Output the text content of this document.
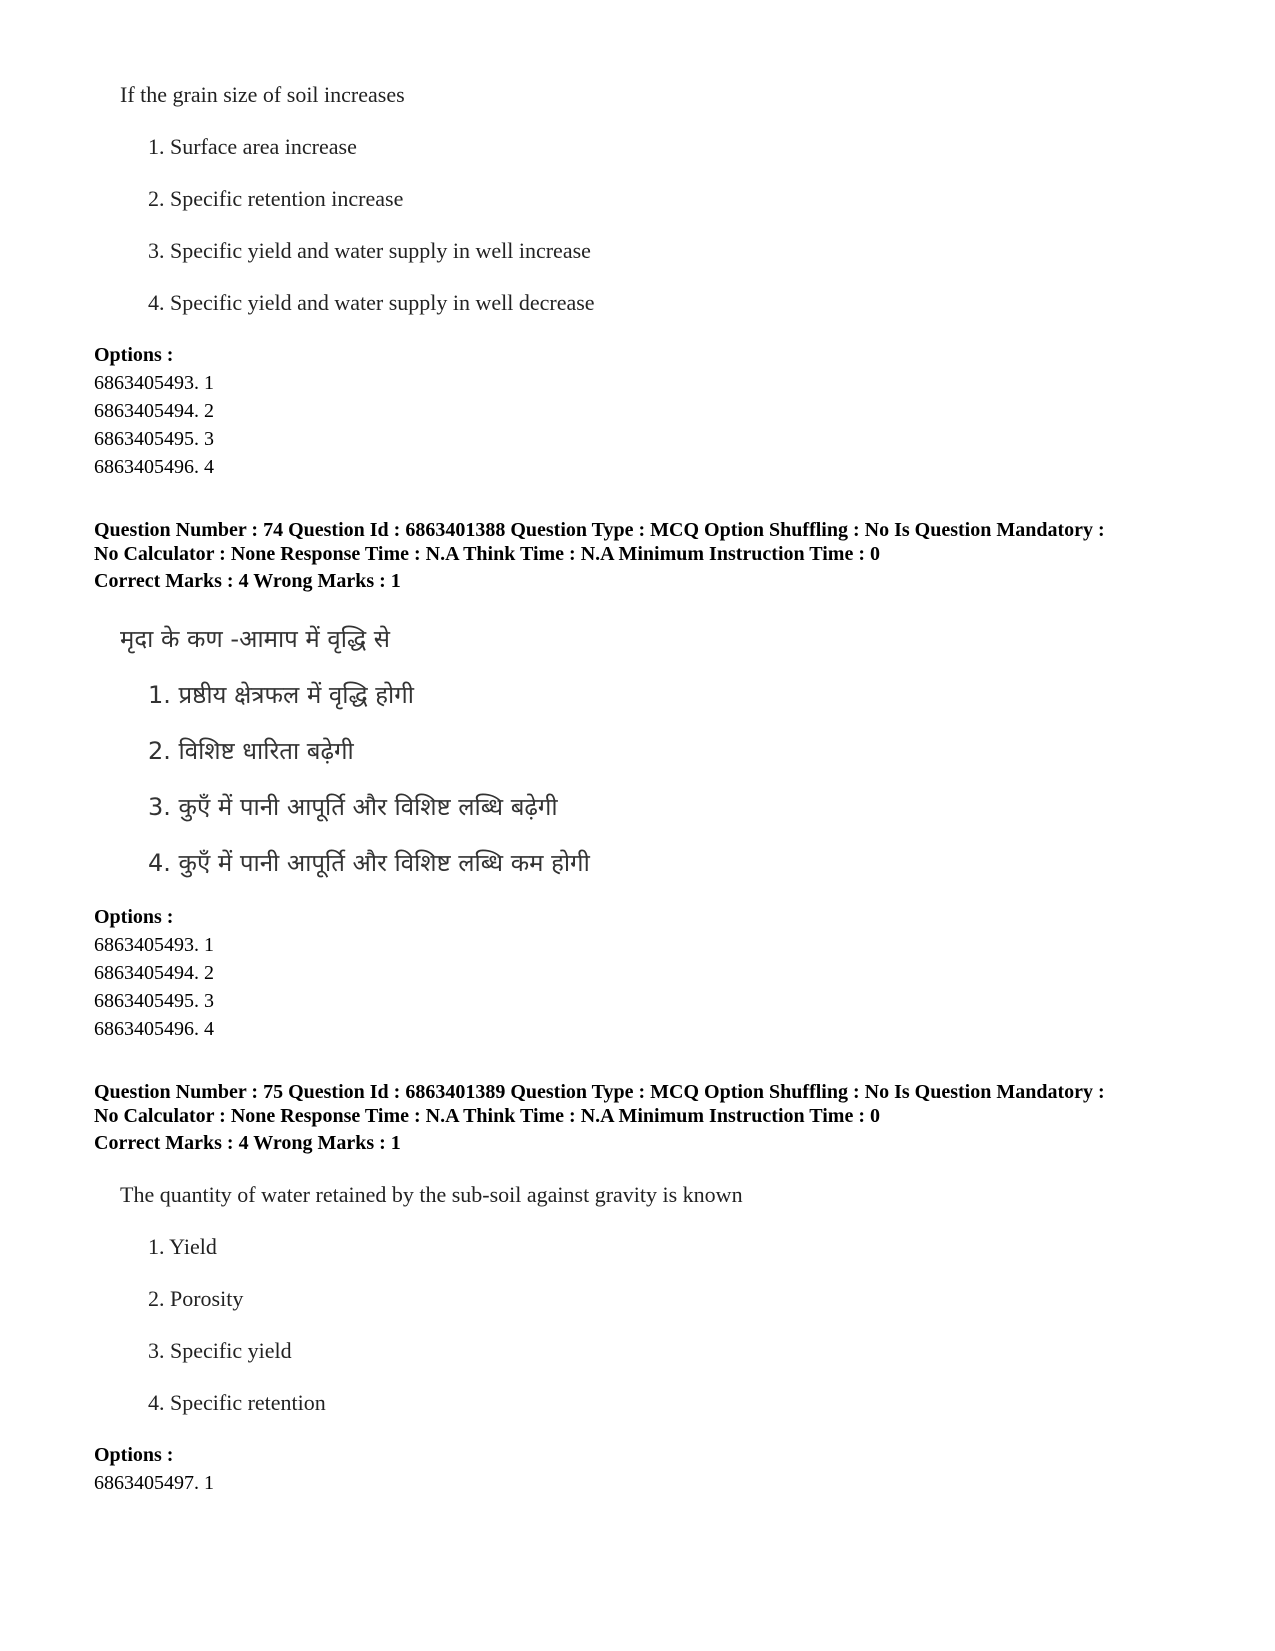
If the grain size of soil increases
1. Surface area increase
2. Specific retention increase
3. Specific yield and water supply in well increase
4. Specific yield and water supply in well decrease
Options :
6863405493. 1
6863405494. 2
6863405495. 3
6863405496. 4
Question Number : 74 Question Id : 6863401388 Question Type : MCQ Option Shuffling : No Is Question Mandatory :
No Calculator : None Response Time : N.A Think Time : N.A Minimum Instruction Time : 0
Correct Marks : 4 Wrong Marks : 1
मृदा के कण -आमाप में वृद्धि से
1. प्रष्ठीय क्षेत्रफल में वृद्धि होगी
2. विशिष्ट धारिता बढ़ेगी
3. कुएँ में पानी आपूर्ति और विशिष्ट लब्धि बढ़ेगी
4. कुएँ में पानी आपूर्ति और विशिष्ट लब्धि कम होगी
Options :
6863405493. 1
6863405494. 2
6863405495. 3
6863405496. 4
Question Number : 75 Question Id : 6863401389 Question Type : MCQ Option Shuffling : No Is Question Mandatory :
No Calculator : None Response Time : N.A Think Time : N.A Minimum Instruction Time : 0
Correct Marks : 4 Wrong Marks : 1
The quantity of water retained by the sub-soil against gravity is known
1. Yield
2. Porosity
3. Specific yield
4. Specific retention
Options :
6863405497. 1
